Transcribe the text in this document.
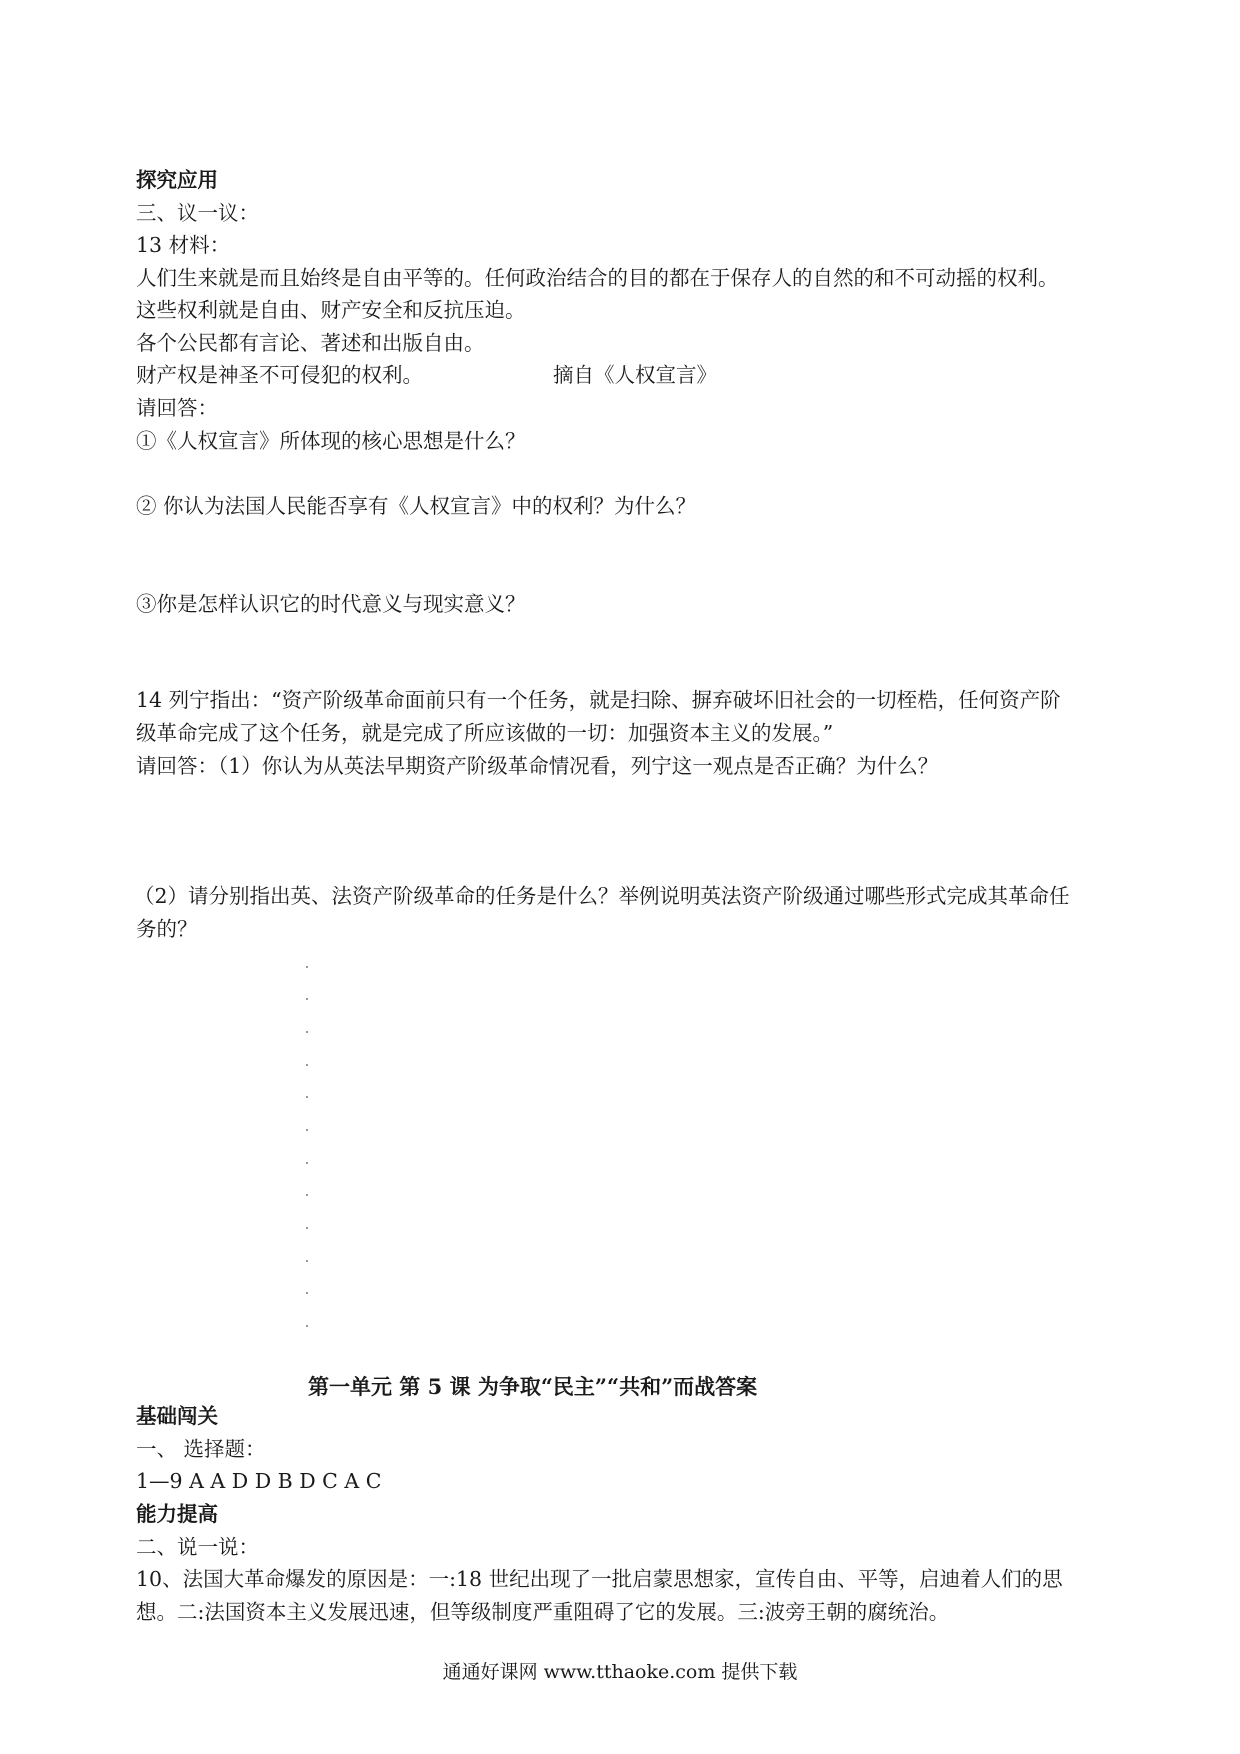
探究应用
三、议一议：
13 材料：
人们生来就是而且始终是自由平等的。任何政治结合的目的都在于保存人的自然的和不可动摇的权利。
这些权利就是自由、财产安全和反抗压迫。
各个公民都有言论、著述和出版自由。
财产权是神圣不可侵犯的权利。	摘自《人权宣言》
请回答：
①《人权宣言》所体现的核心思想是什么？
② 你认为法国人民能否享有《人权宣言》中的权利？为什么？
③你是怎样认识它的时代意义与现实意义？
14 列宁指出：“资产阶级革命面前只有一个任务，就是扫除、摒弃破坏旧社会的一切桎梏，任何资产阶
级革命完成了这个任务，就是完成了所应该做的一切：加强资本主义的发展。”
请回答：（1）你认为从英法早期资产阶级革命情况看，列宁这一观点是否正确？为什么？
（2）请分别指出英、法资产阶级革命的任务是什么？举例说明英法资产阶级通过哪些形式完成其革命任
务的？
第一单元 第 5 课 为争取“民主”“共和”而战答案
基础闯关
一、 选择题：
1—9 A A D D B D C A C
能力提高
二、说一说：
10、法国大革命爆发的原因是：一:18 世纪出现了一批启蒙思想家，宣传自由、平等，启迪着人们的思
想。二:法国资本主义发展迅速，但等级制度严重阻碍了它的发展。三:波旁王朝的腐统治。
通通好课网 www.tthaoke.com 提供下载
